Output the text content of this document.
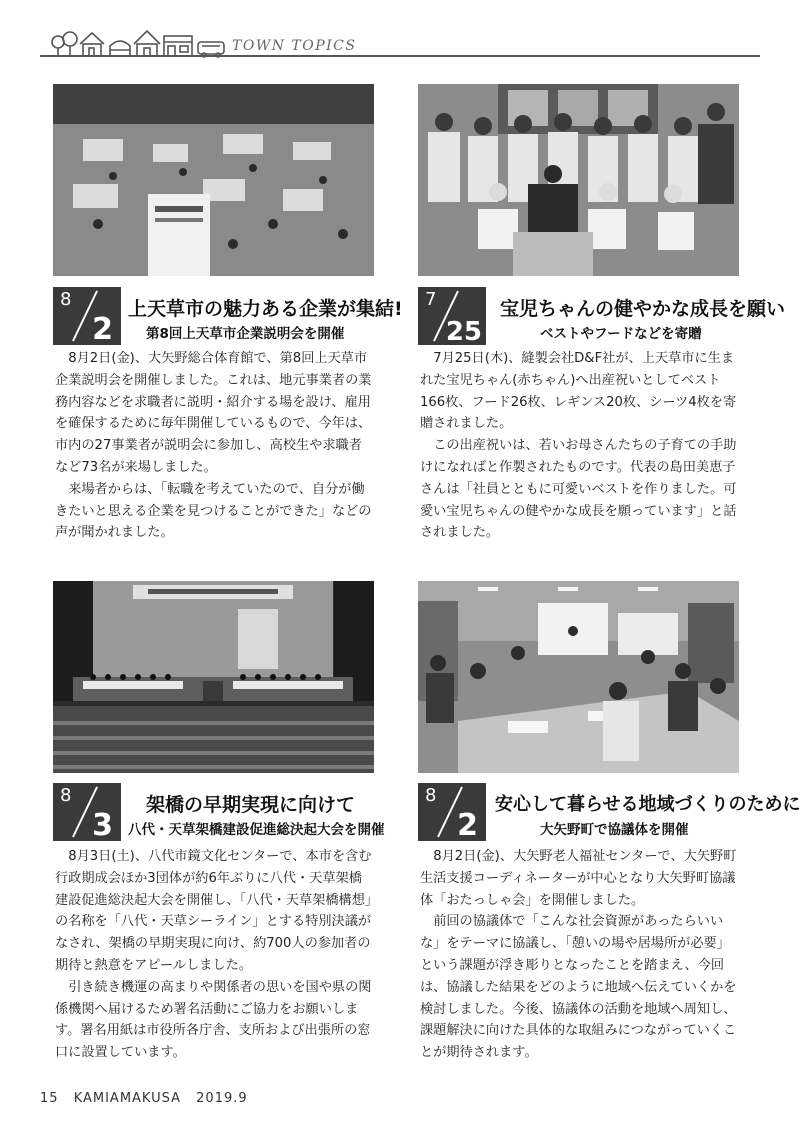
TOWN TOPICS
8
2
上天草市の魅力ある企業が集結!
第8回上天草市企業説明会を開催

8月2日(金)、大矢野総合体育館で、第8回上天草市企業説明会を開催しました。これは、地元事業者の業務内容などを求職者に説明・紹介する場を設け、雇用を確保するために毎年開催しているもので、今年は、市内の27事業者が説明会に参加し、高校生や求職者など73名が来場しました。

来場者からは、「転職を考えていたので、自分が働きたいと思える企業を見つけることができた」などの声が聞かれました。

7
25
宝児ちゃんの健やかな成長を願い
ベストやフードなどを寄贈

7月25日(木)、縫製会社D&F社が、上天草市に生まれた宝児ちゃん(赤ちゃん)へ出産祝いとしてベスト166枚、フード26枚、レギンス20枚、シーツ4枚を寄贈されました。

この出産祝いは、若いお母さんたちの子育ての手助けになればと作製されたものです。代表の島田美恵子さんは「社員とともに可愛いベストを作りました。可愛い宝児ちゃんの健やかな成長を願っています」と話されました。

8
3
架橋の早期実現に向けて
八代・天草架橋建設促進総決起大会を開催

8月3日(土)、八代市鏡文化センターで、本市を含む行政期成会ほか3団体が約6年ぶりに八代・天草架橋建設促進総決起大会を開催し、「八代・天草架橋構想」の名称を「八代・天草シーライン」とする特別決議がなされ、架橋の早期実現に向け、約700人の参加者の期待と熱意をアピールしました。

引き続き機運の高まりや関係者の思いを国や県の関係機関へ届けるため署名活動にご協力をお願いします。署名用紙は市役所各庁舎、支所および出張所の窓口に設置しています。

8
2
安心して暮らせる地域づくりのために
大矢野町で協議体を開催

8月2日(金)、大矢野老人福祉センターで、大矢野町生活支援コーディネーターが中心となり大矢野町協議体「おたっしゃ会」を開催しました。

前回の協議体で「こんな社会資源があったらいいな」をテーマに協議し、「憩いの場や居場所が必要」という課題が浮き彫りとなったことを踏まえ、今回は、協議した結果をどのように地域へ伝えていくかを検討しました。今後、協議体の活動を地域へ周知し、課題解決に向けた具体的な取組みにつながっていくことが期待されます。

15 KAMIAMAKUSA 2019.9
